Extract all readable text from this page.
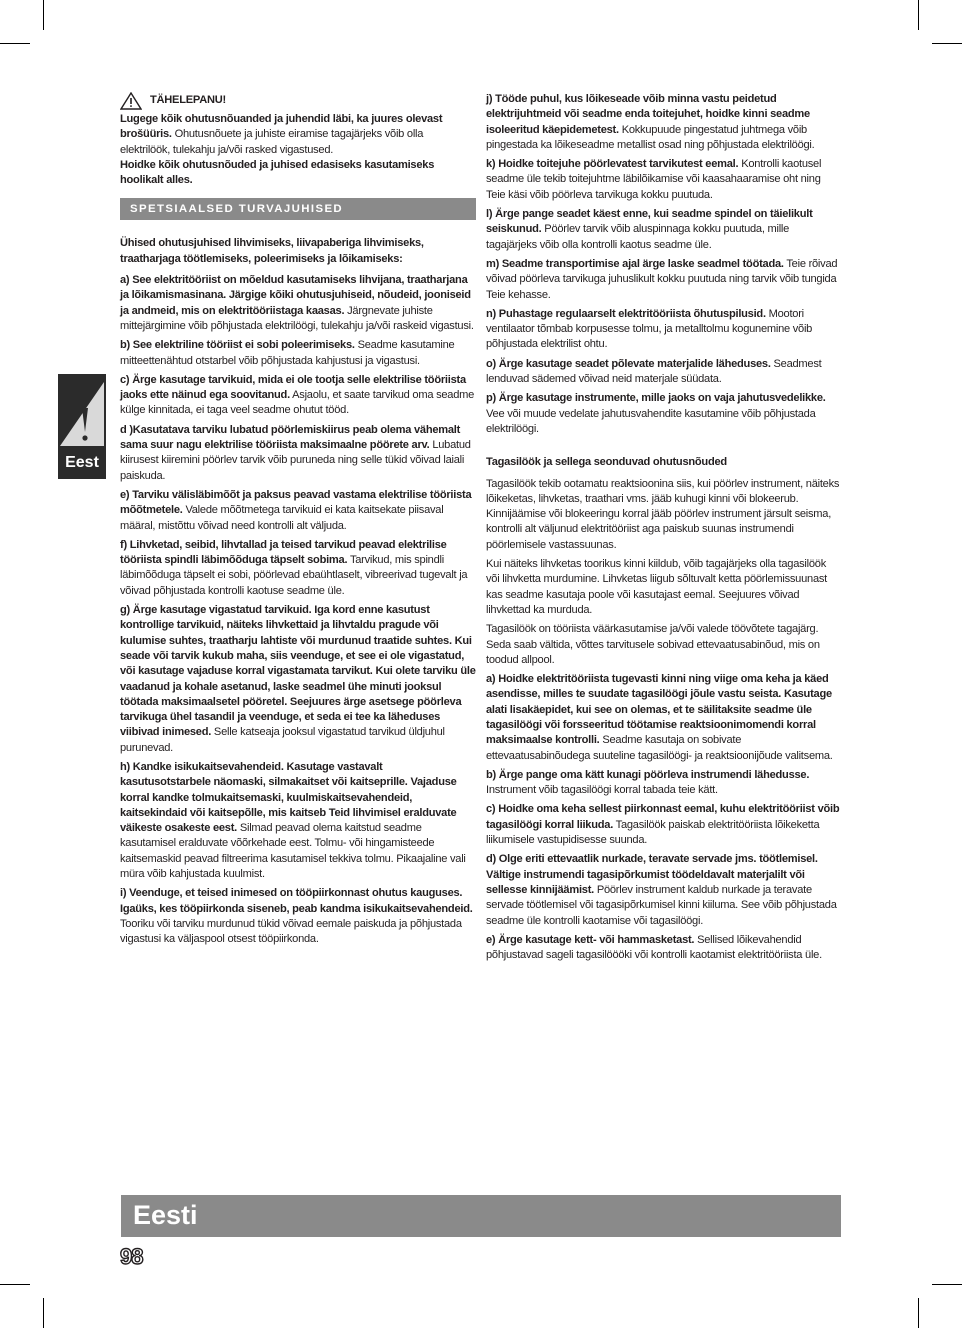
Eest
TÄHELEPANU!

Lugege kõik ohutusnõuanded ja juhendid läbi, ka juures olevast brošüüris. Ohutusnõuete ja juhiste eiramise tagajärjeks võib olla elektrilöök, tulekahju ja/või rasked vigastused.

Hoidke kõik ohutusnõuded ja juhised edasiseks kasutamiseks hoolikalt alles.

SPETSIAALSED TURVAJUHISED

Ühised ohutusjuhised lihvimiseks, liivapaberiga lihvimiseks, traatharjaga töötlemiseks, poleerimiseks ja lõikamiseks:

a) See elektritööriist on mõeldud kasutamiseks lihvijana, traatharjana ja lõikamismasinana. Järgige kõiki ohutusjuhiseid, nõudeid, jooniseid ja andmeid, mis on elektritööriistaga kaasas. Järgnevate juhiste mittejärgimine võib põhjustada elektrilöögi, tulekahju ja/või raskeid vigastusi.

b) See elektriline tööriist ei sobi poleerimiseks. Seadme kasutamine mitteettenähtud otstarbel võib põhjustada kahjustusi ja vigastusi.

c) Ärge kasutage tarvikuid, mida ei ole tootja selle elektrilise tööriista jaoks ette näinud ega soovitanud. Asjaolu, et saate tarvikud oma seadme külge kinnitada, ei taga veel seadme ohutut tööd.

d )Kasutatava tarviku lubatud pöörlemiskiirus peab olema vähemalt sama suur nagu elektrilise tööriista maksimaalne pöörete arv. Lubatud kiirusest kiiremini pöörlev tarvik võib puruneda ning selle tükid võivad laiali paiskuda.

e) Tarviku välisläbimõõt ja paksus peavad vastama elektrilise tööriista mõõtmetele. Valede mõõtmetega tarvikuid ei kata kaitsekate piisaval määral, mistõttu võivad need kontrolli alt väljuda.

f) Lihvketad, seibid, lihvtallad ja teised tarvikud peavad elektrilise tööriista spindli läbimõõduga täpselt sobima. Tarvikud, mis spindli läbimõõduga täpselt ei sobi, pöörlevad ebaühtlaselt, vibreerivad tugevalt ja võivad põhjustada kontrolli kaotuse seadme üle.

g) Ärge kasutage vigastatud tarvikuid. Iga kord enne kasutust kontrollige tarvikuid, näiteks lihvkettaid ja lihvtaldu pragude või kulumise suhtes, traatharju lahtiste või murdunud traatide suhtes. Kui seade või tarvik kukub maha, siis veenduge, et see ei ole vigastatud, või kasutage vajaduse korral vigastamata tarvikut. Kui olete tarviku üle vaadanud ja kohale asetanud, laske seadmel ühe minuti jooksul töötada maksimaalsetel pööretel. Seejuures ärge asetsege pöörleva tarvikuga ühel tasandil ja veenduge, et seda ei tee ka läheduses viibivad inimesed. Selle katseaja jooksul vigastatud tarvikud üldjuhul purunevad.

h) Kandke isikukaitsevahendeid. Kasutage vastavalt kasutusotstarbele näomaski, silmakaitset või kaitseprille. Vajaduse korral kandke tolmukaitsemaski, kuulmiskaitsevahendeid, kaitsekindaid või kaitsepõlle, mis kaitseb Teid lihvimisel eralduvate väikeste osakeste eest. Silmad peavad olema kaitstud seadme kasutamisel eralduvate võõrkehade eest. Tolmu- või hingamisteede kaitsemaskid peavad filtreerima kasutamisel tekkiva tolmu. Pikaajaline vali müra võib kahjustada kuulmist.

i) Veenduge, et teised inimesed on tööpiirkonnast ohutus kauguses. Igaüks, kes tööpiirkonda siseneb, peab kandma isikukaitsevahendeid. Tooriku või tarviku murdunud tükid võivad eemale paiskuda ja põhjustada vigastusi ka väljaspool otsest tööpiirkonda.

j) Tööde puhul, kus lõikeseade võib minna vastu peidetud elektrijuhtmeid või seadme enda toitejuhet, hoidke kinni seadme isoleeritud käepidemetest. Kokkupuude pingestatud juhtmega võib pingestada ka lõikeseadme metallist osad ning põhjustada elektrilöögi.

k) Hoidke toitejuhe pöörlevatest tarvikutest eemal. Kontrolli kaotusel seadme üle tekib toitejuhtme läbilõikamise või kaasahaaramise oht ning Teie käsi võib pöörleva tarvikuga kokku puutuda.

l) Ärge pange seadet käest enne, kui seadme spindel on täielikult seiskunud. Pöörlev tarvik võib aluspinnaga kokku puutuda, mille tagajärjeks võib olla kontrolli kaotus seadme üle.

m) Seadme transportimise ajal ärge laske seadmel töötada. Teie rõivad võivad pöörleva tarvikuga juhuslikult kokku puutuda ning tarvik võib tungida Teie kehasse.

n) Puhastage regulaarselt elektritööriista õhutuspilusid. Mootori ventilaator tõmbab korpusesse tolmu, ja metalltolmu kogunemine võib põhjustada elektrilist ohtu.

o) Ärge kasutage seadet põlevate materjalide läheduses. Seadmest lenduvad sädemed võivad neid materjale süüdata.

p) Ärge kasutage instrumente, mille jaoks on vaja jahutusvedelikke. Vee või muude vedelate jahutusvahendite kasutamine võib põhjustada elektrilöögi.

Tagasilöök ja sellega seonduvad ohutusnõuded

Tagasilöök tekib ootamatu reaktsioonina siis, kui pöörlev instrument, näiteks lõikeketas, lihvketas, traathari vms. jääb kuhugi kinni või blokeerub. Kinnijäämise või blokeeringu korral jääb pöörlev instrument järsult seisma, kontrolli alt väljunud elektritööriist aga paiskub suunas instrumendi pöörlemisele vastassuunas.

Kui näiteks lihvketas toorikus kinni kiildub, võib tagajärjeks olla tagasilöök või lihvketta murdumine. Lihvketas liigub sõltuvalt ketta pöörlemissuunast kas seadme kasutaja poole või kasutajast eemal. Seejuures võivad lihvkettad ka murduda.

Tagasilöök on tööriista väärkasutamise ja/või valede töövõtete tagajärg. Seda saab vältida, võttes tarvitusele sobivad ettevaatusabinõud, mis on toodud allpool.

a) Hoidke elektritööriista tugevasti kinni ning viige oma keha ja käed asendisse, milles te suudate tagasilöögi jõule vastu seista. Kasutage alati lisakäepidet, kui see on olemas, et te säilitaksite seadme üle tagasilöögi või forsseeritud töötamise reaktsioonimomendi korral maksimaalse kontrolli. Seadme kasutaja on sobivate ettevaatusabinõudega suuteline tagasilöögi- ja reaktsioonijõude valitsema.

b) Ärge pange oma kätt kunagi pöörleva instrumendi lähedusse. Instrument võib tagasilöögi korral tabada teie kätt.

c) Hoidke oma keha sellest piirkonnast eemal, kuhu elektritööriist võib tagasilöögi korral liikuda. Tagasilöök paiskab elektritööriista lõikeketta liikumisele vastupidisesse suunda.

d) Olge eriti ettevaatlik nurkade, teravate servade jms. töötlemisel. Vältige instrumendi tagasipõrkumist töödeldavalt materjalilt või sellesse kinnijäämist. Pöörlev instrument kaldub nurkade ja teravate servade töötlemisel või tagasipõrkumisel kinni kiiluma. See võib põhjustada seadme üle kontrolli kaotamise või tagasilöögi.

e) Ärge kasutage kett- või hammasketast. Sellised lõikevahendid põhjustavad sageli tagasilöööki või kontrolli kaotamist elektritööriista üle.

Eesti
98
